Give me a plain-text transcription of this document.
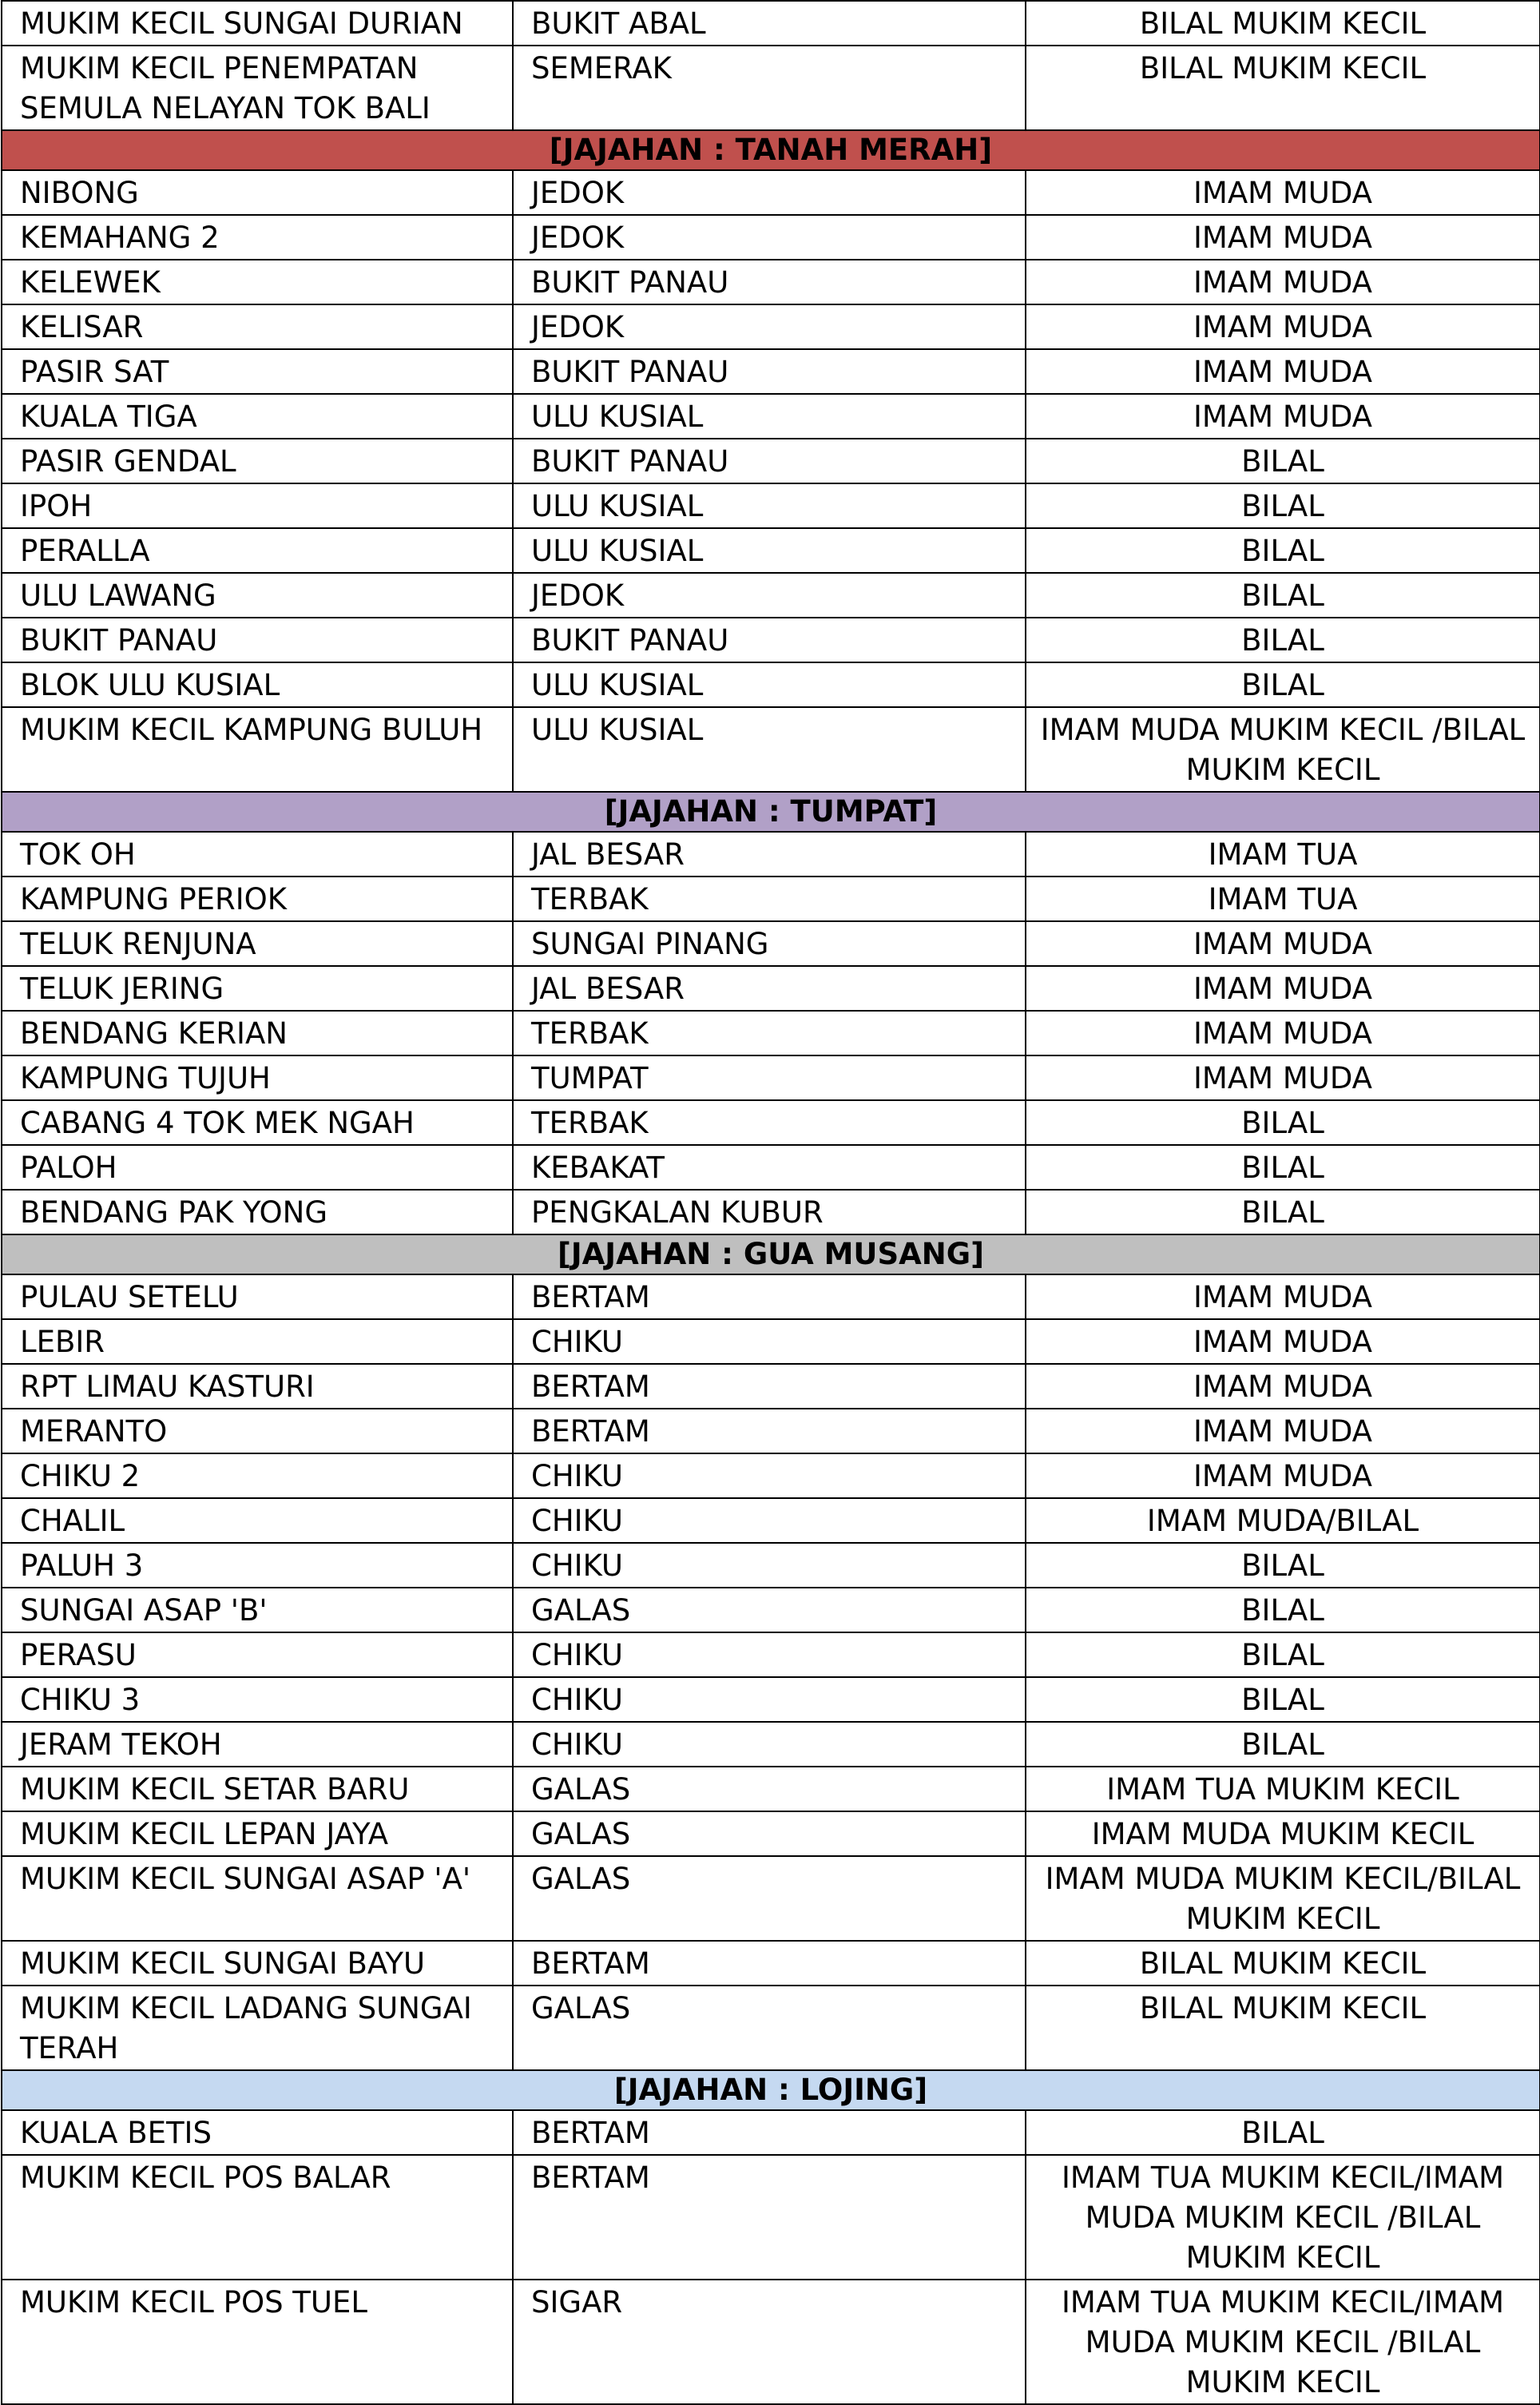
MUKIM KECIL SUNGAI DURIAN	BUKIT ABAL	BILAL MUKIM KECIL
MUKIM KECIL PENEMPATAN SEMULA NELAYAN TOK BALI	SEMERAK	BILAL MUKIM KECIL
[JAJAHAN : TANAH MERAH]		
NIBONG	JEDOK	IMAM MUDA
KEMAHANG 2	JEDOK	IMAM MUDA
KELEWEK	BUKIT PANAU	IMAM MUDA
KELISAR	JEDOK	IMAM MUDA
PASIR SAT	BUKIT PANAU	IMAM MUDA
KUALA TIGA	ULU KUSIAL	IMAM MUDA
PASIR GENDAL	BUKIT PANAU	BILAL
IPOH	ULU KUSIAL	BILAL
PERALLA	ULU KUSIAL	BILAL
ULU LAWANG	JEDOK	BILAL
BUKIT PANAU	BUKIT PANAU	BILAL
BLOK ULU KUSIAL	ULU KUSIAL	BILAL
MUKIM KECIL KAMPUNG BULUH	ULU KUSIAL	IMAM MUDA MUKIM KECIL /BILAL MUKIM KECIL
[JAJAHAN : TUMPAT]		
TOK OH	JAL BESAR	IMAM TUA
KAMPUNG PERIOK	TERBAK	IMAM TUA
TELUK RENJUNA	SUNGAI PINANG	IMAM MUDA
TELUK JERING	JAL BESAR	IMAM MUDA
BENDANG KERIAN	TERBAK	IMAM MUDA
KAMPUNG TUJUH	TUMPAT	IMAM MUDA
CABANG 4 TOK MEK NGAH	TERBAK	BILAL
PALOH	KEBAKAT	BILAL
BENDANG PAK YONG	PENGKALAN KUBUR	BILAL
[JAJAHAN : GUA MUSANG]		
PULAU SETELU	BERTAM	IMAM MUDA
LEBIR	CHIKU	IMAM MUDA
RPT LIMAU KASTURI	BERTAM	IMAM MUDA
MERANTO	BERTAM	IMAM MUDA
CHIKU 2	CHIKU	IMAM MUDA
CHALIL	CHIKU	IMAM MUDA/BILAL
PALUH 3	CHIKU	BILAL
SUNGAI ASAP 'B'	GALAS	BILAL
PERASU	CHIKU	BILAL
CHIKU 3	CHIKU	BILAL
JERAM TEKOH	CHIKU	BILAL
MUKIM KECIL SETAR BARU	GALAS	IMAM TUA MUKIM KECIL
MUKIM KECIL LEPAN JAYA	GALAS	IMAM MUDA MUKIM KECIL
MUKIM KECIL SUNGAI ASAP 'A'	GALAS	IMAM MUDA MUKIM KECIL/BILAL MUKIM KECIL
MUKIM KECIL SUNGAI BAYU	BERTAM	BILAL MUKIM KECIL
MUKIM KECIL LADANG SUNGAI TERAH	GALAS	BILAL MUKIM KECIL
[JAJAHAN : LOJING]		
KUALA BETIS	BERTAM	BILAL
MUKIM KECIL POS BALAR	BERTAM	IMAM TUA MUKIM KECIL/IMAM MUDA MUKIM KECIL /BILAL MUKIM KECIL
MUKIM KECIL POS TUEL	SIGAR	IMAM TUA MUKIM KECIL/IMAM MUDA MUKIM KECIL /BILAL MUKIM KECIL
